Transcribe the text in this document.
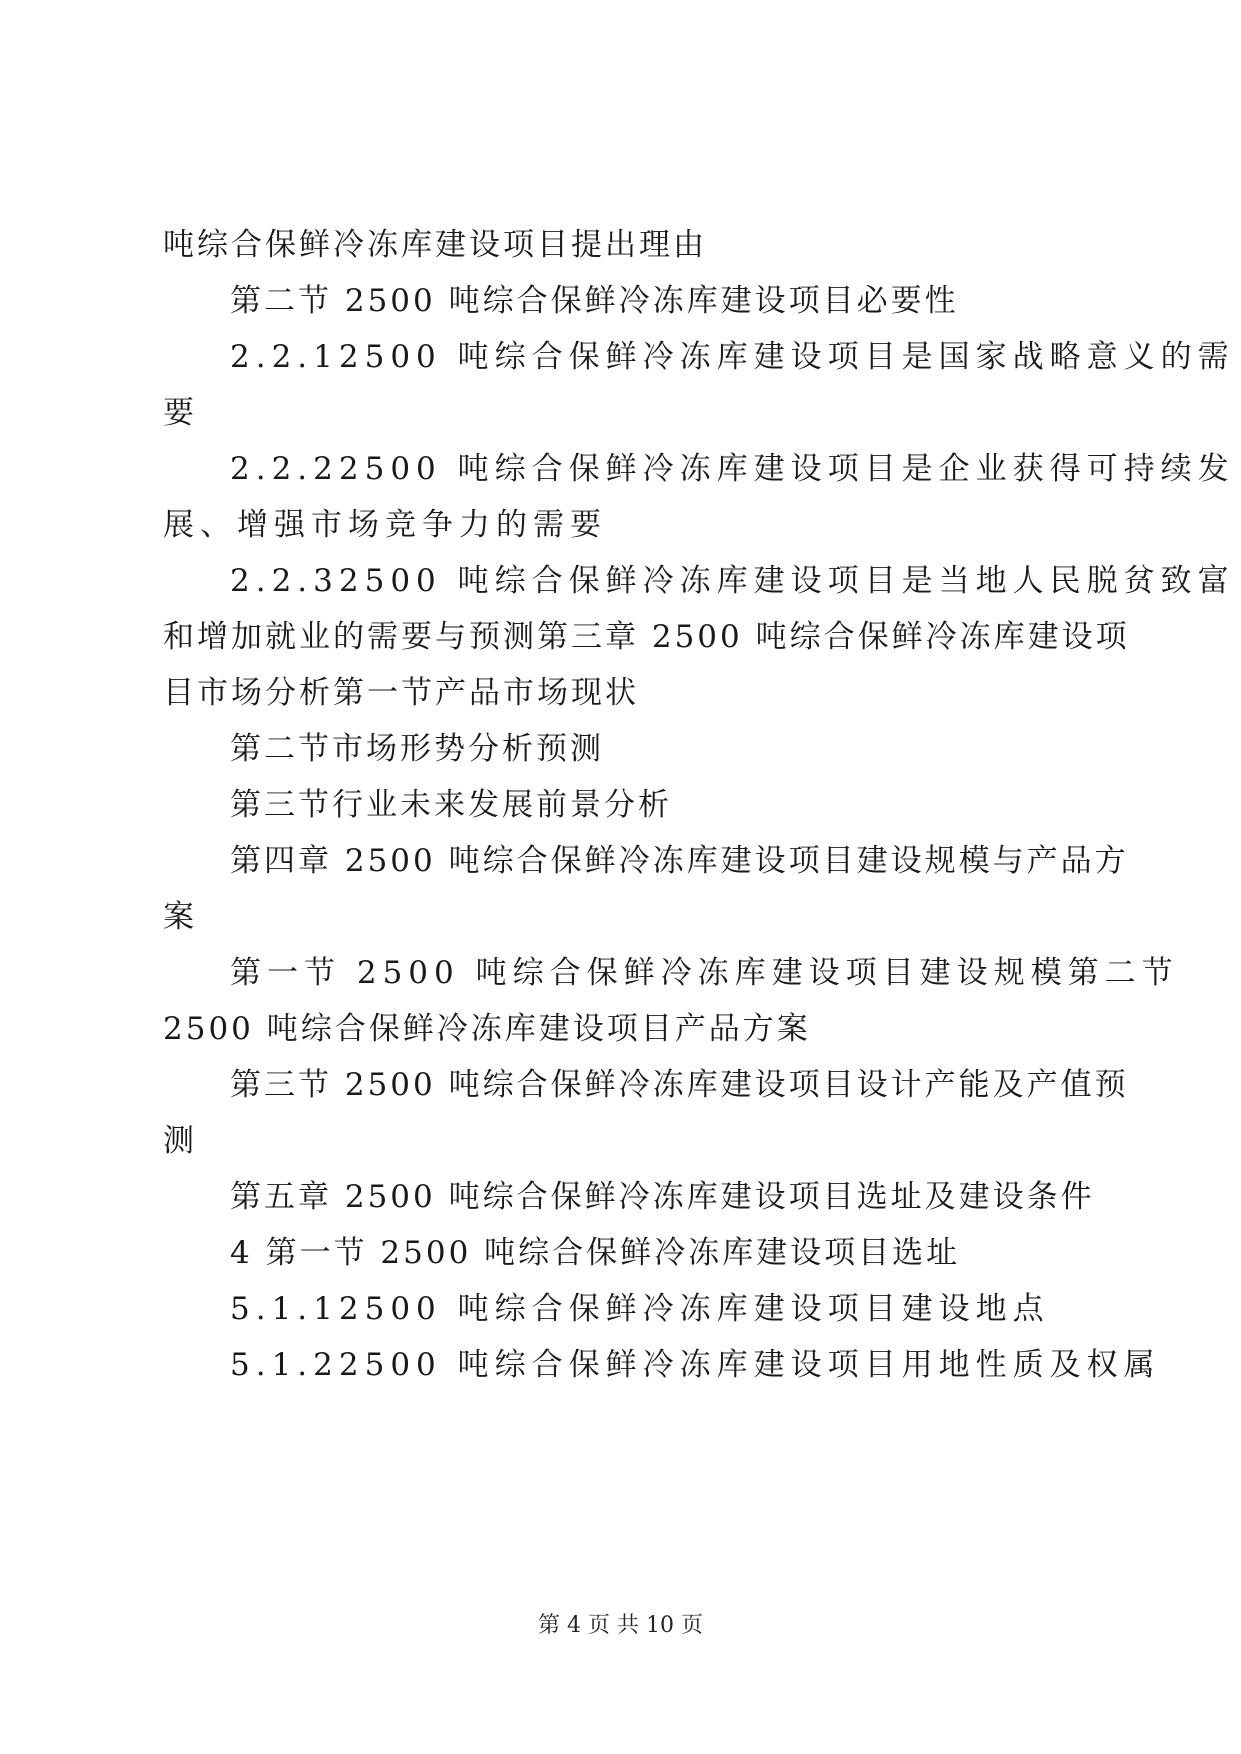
吨综合保鲜冷冻库建设项目提出理由
第二节 2500 吨综合保鲜冷冻库建设项目必要性
2.2.12500 吨综合保鲜冷冻库建设项目是国家战略意义的需
要
2.2.22500 吨综合保鲜冷冻库建设项目是企业获得可持续发
展、增强市场竞争力的需要
2.2.32500 吨综合保鲜冷冻库建设项目是当地人民脱贫致富
和增加就业的需要与预测第三章 2500 吨综合保鲜冷冻库建设项
目市场分析第一节产品市场现状
第二节市场形势分析预测
第三节行业未来发展前景分析
第四章 2500 吨综合保鲜冷冻库建设项目建设规模与产品方
案
第一节 2500 吨综合保鲜冷冻库建设项目建设规模第二节
2500 吨综合保鲜冷冻库建设项目产品方案
第三节 2500 吨综合保鲜冷冻库建设项目设计产能及产值预
测
第五章 2500 吨综合保鲜冷冻库建设项目选址及建设条件
4 第一节 2500 吨综合保鲜冷冻库建设项目选址
5.1.12500 吨综合保鲜冷冻库建设项目建设地点
5.1.22500 吨综合保鲜冷冻库建设项目用地性质及权属
第 4 页 共 10 页
